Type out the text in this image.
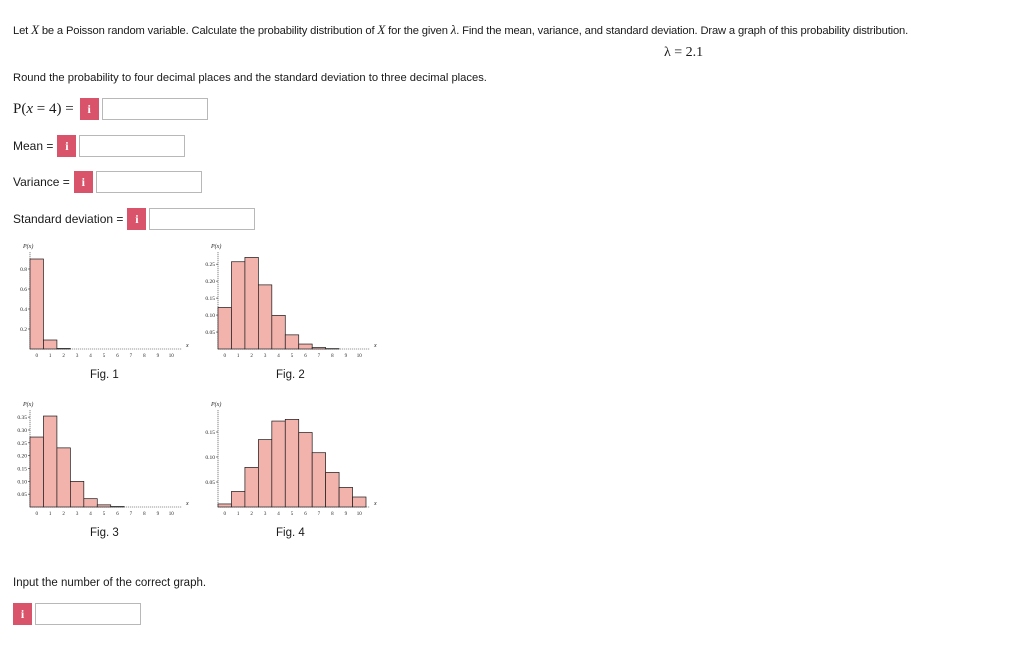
Let X be a Poisson random variable. Calculate the probability distribution of X for the given λ. Find the mean, variance, and standard deviation. Draw a graph of this probability distribution.
λ = 2.1
Round the probability to four decimal places and the standard deviation to three decimal places.
P(x = 4) =	i
Mean = i
Variance = i
Standard deviation = i
P(x)
x
0.2
0.4
0.6
0.8
0 1 2 3 4 5 6 7 8 9 10
Fig. 1
P(x)
x
0.05
0.10
0.15
0.20
0.25
0 1 2 3 4 5 6 7 8 9 10
Fig. 2
P(x)
x
0.05
0.10
0.15
0.20
0.25
0.30
0.35
0 1 2 3 4 5 6 7 8 9 10
Fig. 3
P(x)
x
0.05
0.10
0.15
0 1 2 3 4 5 6 7 8 9 10
Fig. 4
Input the number of the correct graph.
i
